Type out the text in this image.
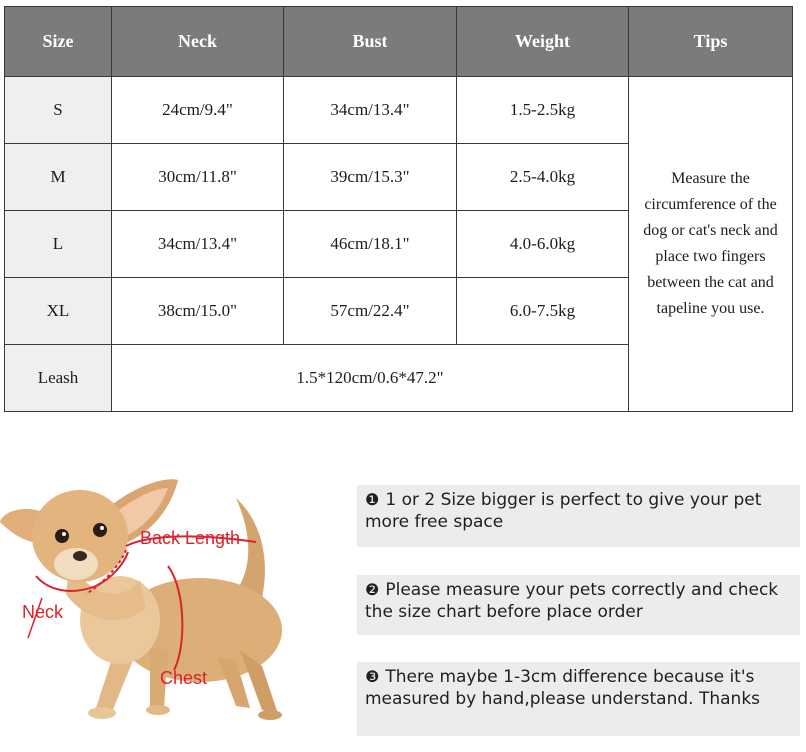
Size	Neck	Bust	Weight	Tips
S	24cm/9.4"	34cm/13.4"	1.5-2.5kg	Measure the circumference of the dog or cat's neck and place two fingers between the cat and tapeline you use.
M	30cm/11.8"	39cm/15.3"	2.5-4.0kg	
L	34cm/13.4"	46cm/18.1"	4.0-6.0kg	
XL	38cm/15.0"	57cm/22.4"	6.0-7.5kg	
Leash	1.5*120cm/0.6*47.2"			
Back Length
Neck
Chest
❶ 1 or 2 Size bigger is perfect to give your pet more free space
❷ Please measure your pets correctly and check the size chart before place order
❸ There maybe 1-3cm difference because it's measured by hand,please understand. Thanks
